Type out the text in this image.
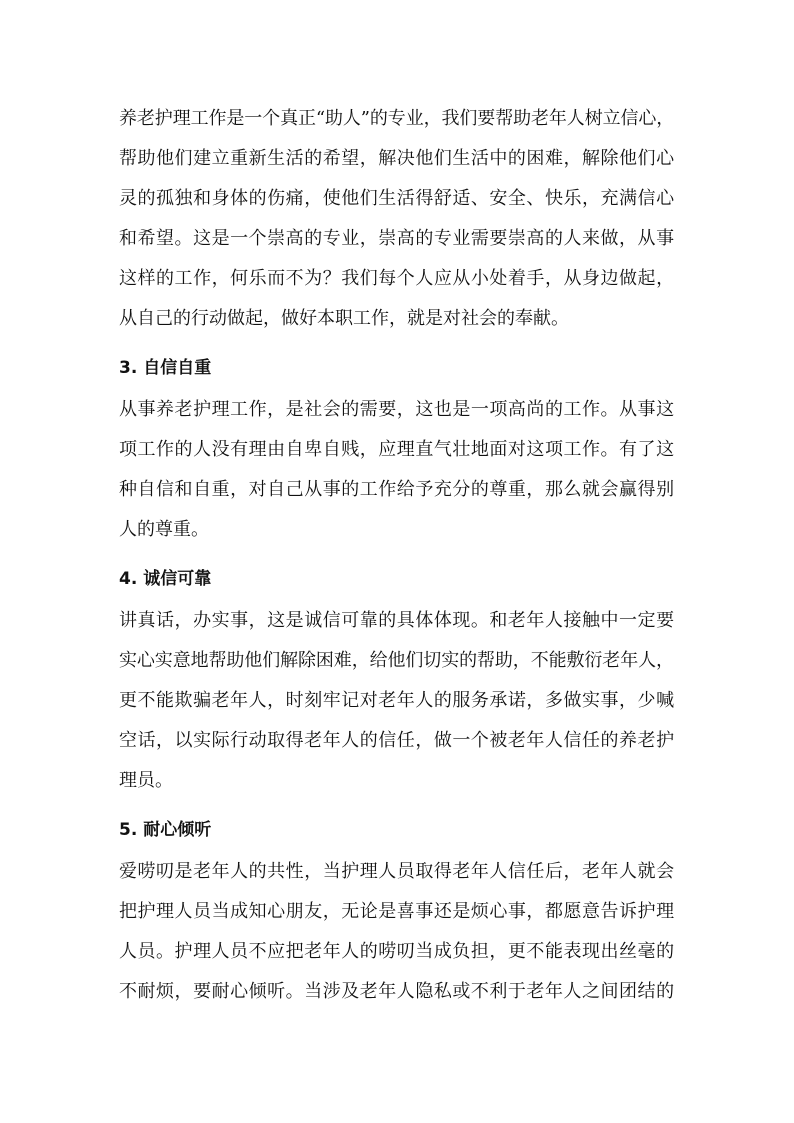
养老护理工作是一个真正“助人”的专业，我们要帮助老年人树立信心，
帮助他们建立重新生活的希望，解决他们生活中的困难，解除他们心
灵的孤独和身体的伤痛，使他们生活得舒适、安全、快乐，充满信心
和希望。这是一个崇高的专业，崇高的专业需要崇高的人来做，从事
这样的工作，何乐而不为？我们每个人应从小处着手，从身边做起，
从自己的行动做起，做好本职工作，就是对社会的奉献。
3. 自信自重
从事养老护理工作，是社会的需要，这也是一项高尚的工作。从事这
项工作的人没有理由自卑自贱，应理直气壮地面对这项工作。有了这
种自信和自重，对自己从事的工作给予充分的尊重，那么就会赢得别
人的尊重。
4. 诚信可靠
讲真话，办实事，这是诚信可靠的具体体现。和老年人接触中一定要
实心实意地帮助他们解除困难，给他们切实的帮助，不能敷衍老年人，
更不能欺骗老年人，时刻牢记对老年人的服务承诺，多做实事，少喊
空话，以实际行动取得老年人的信任，做一个被老年人信任的养老护
理员。
5. 耐心倾听
爱唠叨是老年人的共性，当护理人员取得老年人信任后，老年人就会
把护理人员当成知心朋友，无论是喜事还是烦心事，都愿意告诉护理
人员。护理人员不应把老年人的唠叨当成负担，更不能表现出丝毫的
不耐烦，要耐心倾听。当涉及老年人隐私或不利于老年人之间团结的
